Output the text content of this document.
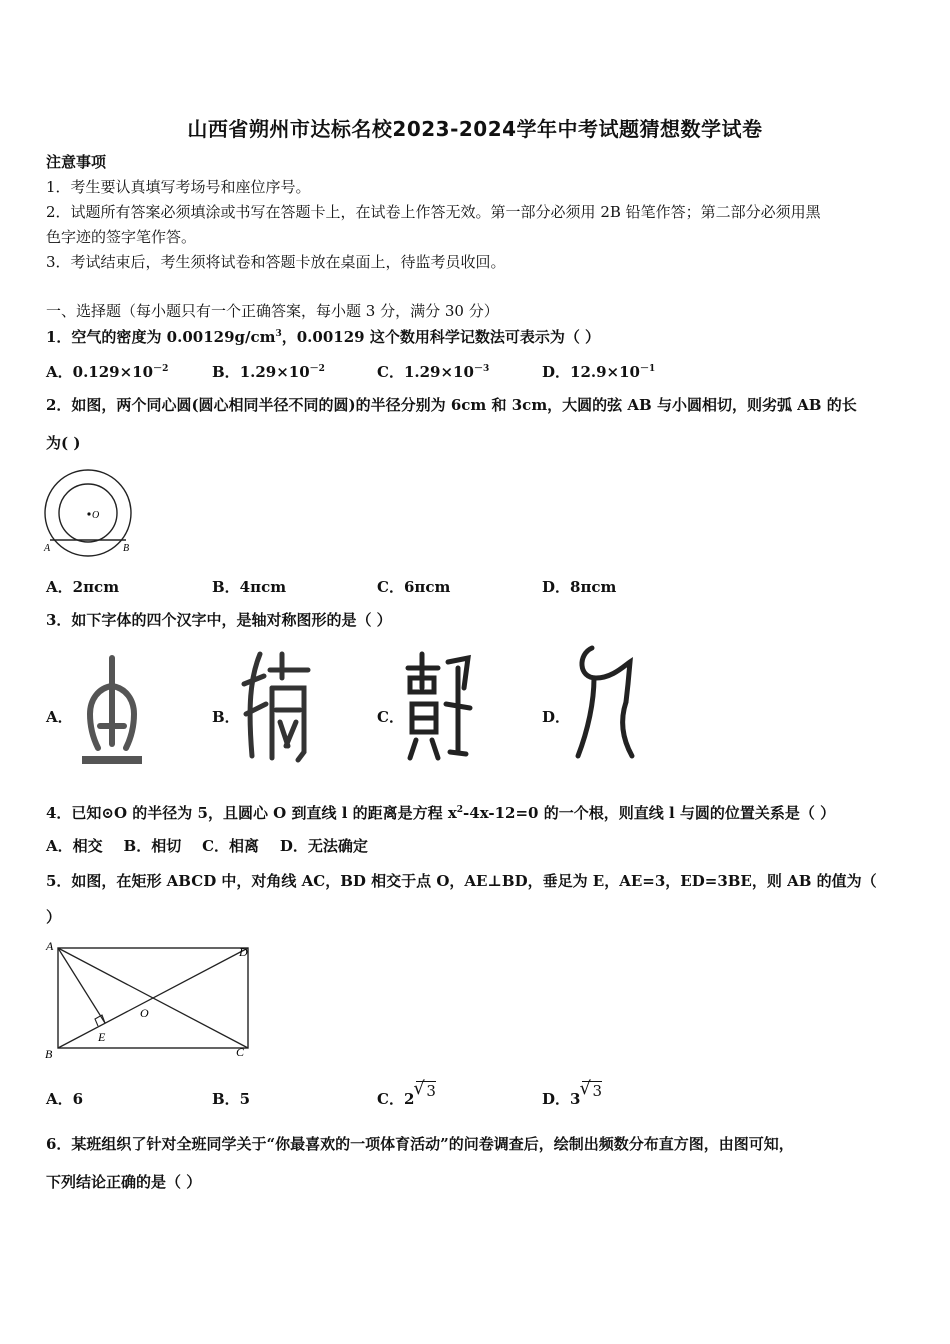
山西省朔州市达标名校2023-2024学年中考试题猜想数学试卷
注意事项
1．考生要认真填写考场号和座位序号。
2．试题所有答案必须填涂或书写在答题卡上，在试卷上作答无效。第一部分必须用 2B 铅笔作答；第二部分必须用黑
色字迹的签字笔作答。
3．考试结束后，考生须将试卷和答题卡放在桌面上，待监考员收回。
一、选择题（每小题只有一个正确答案，每小题 3 分，满分 30 分）
1．空气的密度为 $0.00129g/cm^3$，0.00129 这个数用科学记数法可表示为（ ）
A．$0.129\times 10^{-2}$	B．$1.29\times 10^{-2}$	C．$1.29\times 10^{-3}$	D．$12.9\times 10^{-1}$
2．如图，两个同心圆(圆心相同半径不同的圆)的半径分别为 6cm 和 3cm，大圆的弦 AB 与小圆相切，则劣弧 AB 的长
为( )
O
A	B
A．2πcm	B．4πcm	C．6πcm	D．8πcm
3．如下字体的四个汉字中，是轴对称图形的是（ ）
A．	B．	C．	D．
4．已知⊙O 的半径为 5，且圆心 O 到直线 l 的距离是方程 $x^2-4x-12=0$ 的一个根，则直线 l 与圆的位置关系是（ ）
A．相交    B．相切    C．相离    D．无法确定
5．如图，在矩形 ABCD 中，对角线 AC，BD 相交于点 O，AE⊥BD，垂足为 E，AE=3，ED=3BE，则 AB 的值为（
）
A	D
B	C
O
E
A．6	B．5	C．2 √ 3	D．3 √ 3
6．某班组织了针对全班同学关于“你最喜欢的一项体育活动”的问卷调查后，绘制出频数分布直方图，由图可知，
下列结论正确的是（ ）
